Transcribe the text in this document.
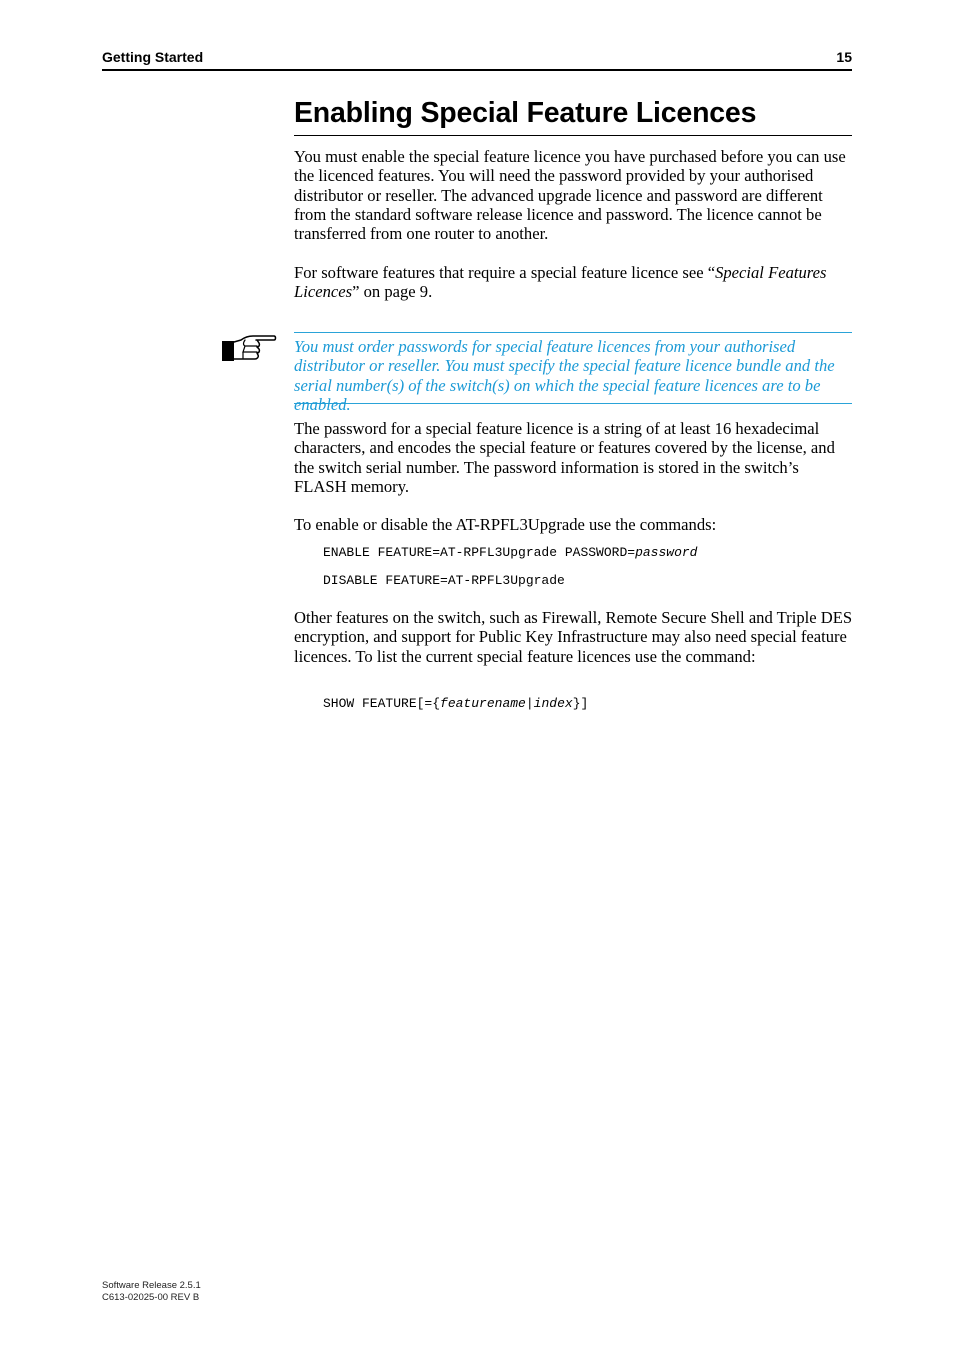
Getting Started	15
Enabling Special Feature Licences

You must enable the special feature licence you have purchased before you can use the licenced features. You will need the password provided by your authorised distributor or reseller. The advanced upgrade licence and password are different from the standard software release licence and password. The licence cannot be transferred from one router to another.

For software features that require a special feature licence see “Special Features Licences” on page 9.

You must order passwords for special feature licences from your authorised distributor or reseller. You must specify the special feature licence bundle and the serial number(s) of the switch(s) on which the special feature licences are to be enabled.

The password for a special feature licence is a string of at least 16 hexadecimal characters, and encodes the special feature or features covered by the license, and the switch serial number. The password information is stored in the switch’s FLASH memory.

To enable or disable the AT-RPFL3Upgrade use the commands:

ENABLE FEATURE=AT-RPFL3Upgrade PASSWORD=password

DISABLE FEATURE=AT-RPFL3Upgrade

Other features on the switch, such as Firewall, Remote Secure Shell and Triple DES encryption, and support for Public Key Infrastructure may also need special feature licences. To list the current special feature licences use the command:

SHOW FEATURE[={featurename|index}]

Software Release 2.5.1
C613-02025-00 REV B
